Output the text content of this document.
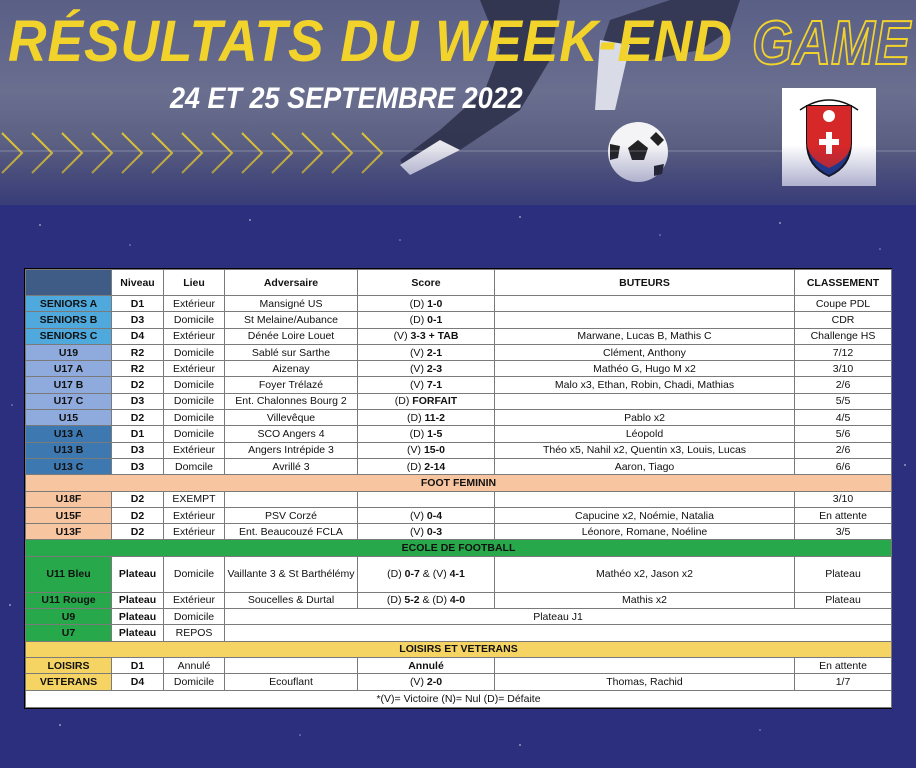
RÉSULTATS DU WEEK-END
24 ET 25 SEPTEMBRE 2022
GAME
	Niveau	Lieu	Adversaire	Score	BUTEURS	CLASSEMENT
SENIORS A	D1	Extérieur	Mansigné US	(D) 1-0		Coupe PDL
SENIORS B	D3	Domicile	St Melaine/Aubance	(D) 0-1		CDR
SENIORS C	D4	Extérieur	Dénée Loire Louet	(V) 3-3 + TAB	Marwane, Lucas B, Mathis C	Challenge HS
U19	R2	Domicile	Sablé sur Sarthe	(V) 2-1	Clément, Anthony	7/12
U17 A	R2	Extérieur	Aizenay	(V) 2-3	Mathéo G, Hugo M x2	3/10
U17 B	D2	Domicile	Foyer Trélazé	(V) 7-1	Malo x3, Ethan, Robin, Chadi, Mathias	2/6
U17 C	D3	Domicile	Ent. Chalonnes Bourg 2	(D) FORFAIT		5/5
U15	D2	Domicile	Villevêque	(D) 11-2	Pablo x2	4/5
U13 A	D1	Domicile	SCO Angers 4	(D) 1-5	Léopold	5/6
U13 B	D3	Extérieur	Angers Intrépide 3	(V) 15-0	Théo x5, Nahil x2, Quentin x3, Louis, Lucas	2/6
U13 C	D3	Domcile	Avrillé 3	(D) 2-14	Aaron, Tiago	6/6
FOOT FEMININ						
U18F	D2	EXEMPT				3/10
U15F	D2	Extérieur	PSV Corzé	(V) 0-4	Capucine x2, Noémie, Natalia	En attente
U13F	D2	Extérieur	Ent. Beaucouzé FCLA	(V) 0-3	Léonore, Romane, Noéline	3/5
ECOLE DE FOOTBALL						
U11 Bleu	Plateau	Domicile	Vaillante 3 & St Barthélémy	(D) 0-7 & (V) 4-1	Mathéo x2, Jason x2	Plateau
U11 Rouge	Plateau	Extérieur	Soucelles & Durtal	(D) 5-2 & (D) 4-0	Mathis x2	Plateau
U9	Plateau	Domicile	Plateau J1			
U7	Plateau	REPOS				
LOISIRS ET VETERANS						
LOISIRS	D1	Annulé		Annulé		En attente
VETERANS	D4	Domicile	Ecouflant	(V) 2-0	Thomas, Rachid	1/7
*(V)= Victoire (N)= Nul (D)= Défaite						
